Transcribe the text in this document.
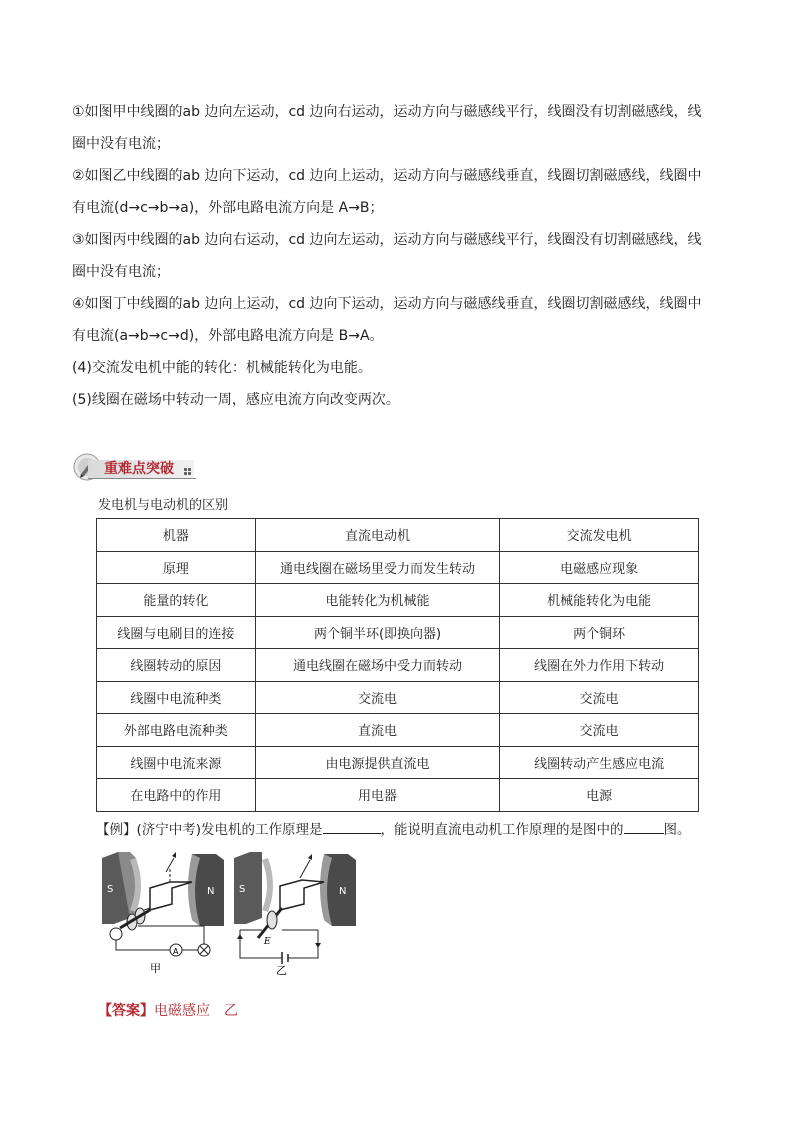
①如图甲中线圈的ab 边向左运动，cd 边向右运动，运动方向与磁感线平行，线圈没有切割磁感线，线
圈中没有电流；
②如图乙中线圈的ab 边向下运动，cd 边向上运动，运动方向与磁感线垂直，线圈切割磁感线，线圈中
有电流(d→c→b→a)，外部电路电流方向是 A→B；
③如图丙中线圈的ab 边向右运动，cd 边向左运动，运动方向与磁感线平行，线圈没有切割磁感线，线
圈中没有电流；
④如图丁中线圈的ab 边向上运动，cd 边向下运动，运动方向与磁感线垂直，线圈切割磁感线，线圈中
有电流(a→b→c→d)，外部电路电流方向是 B→A。
(4)交流发电机中能的转化：机械能转化为电能。
(5)线圈在磁场中转动一周，感应电流方向改变两次。
重难点突破
发电机与电动机的区别
机器	直流电动机	交流发电机
原理	通电线圈在磁场里受力而发生转动	电磁感应现象
能量的转化	电能转化为机械能	机械能转化为电能
线圈与电刷目的连接	两个铜半环(即换向器)	两个铜环
线圈转动的原因	通电线圈在磁场中受力而转动	线圈在外力作用下转动
线圈中电流种类	交流电	交流电
外部电路电流种类	直流电	交流电
线圈中电流来源	由电源提供直流电	线圈转动产生感应电流
在电路中的作用	用电器	电源
【例】(济宁中考)发电机的工作原理是	，能说明直流电动机工作原理的是图中的	图。
S	N
A
甲
S	N
E
乙
【答案】电磁感应 乙
